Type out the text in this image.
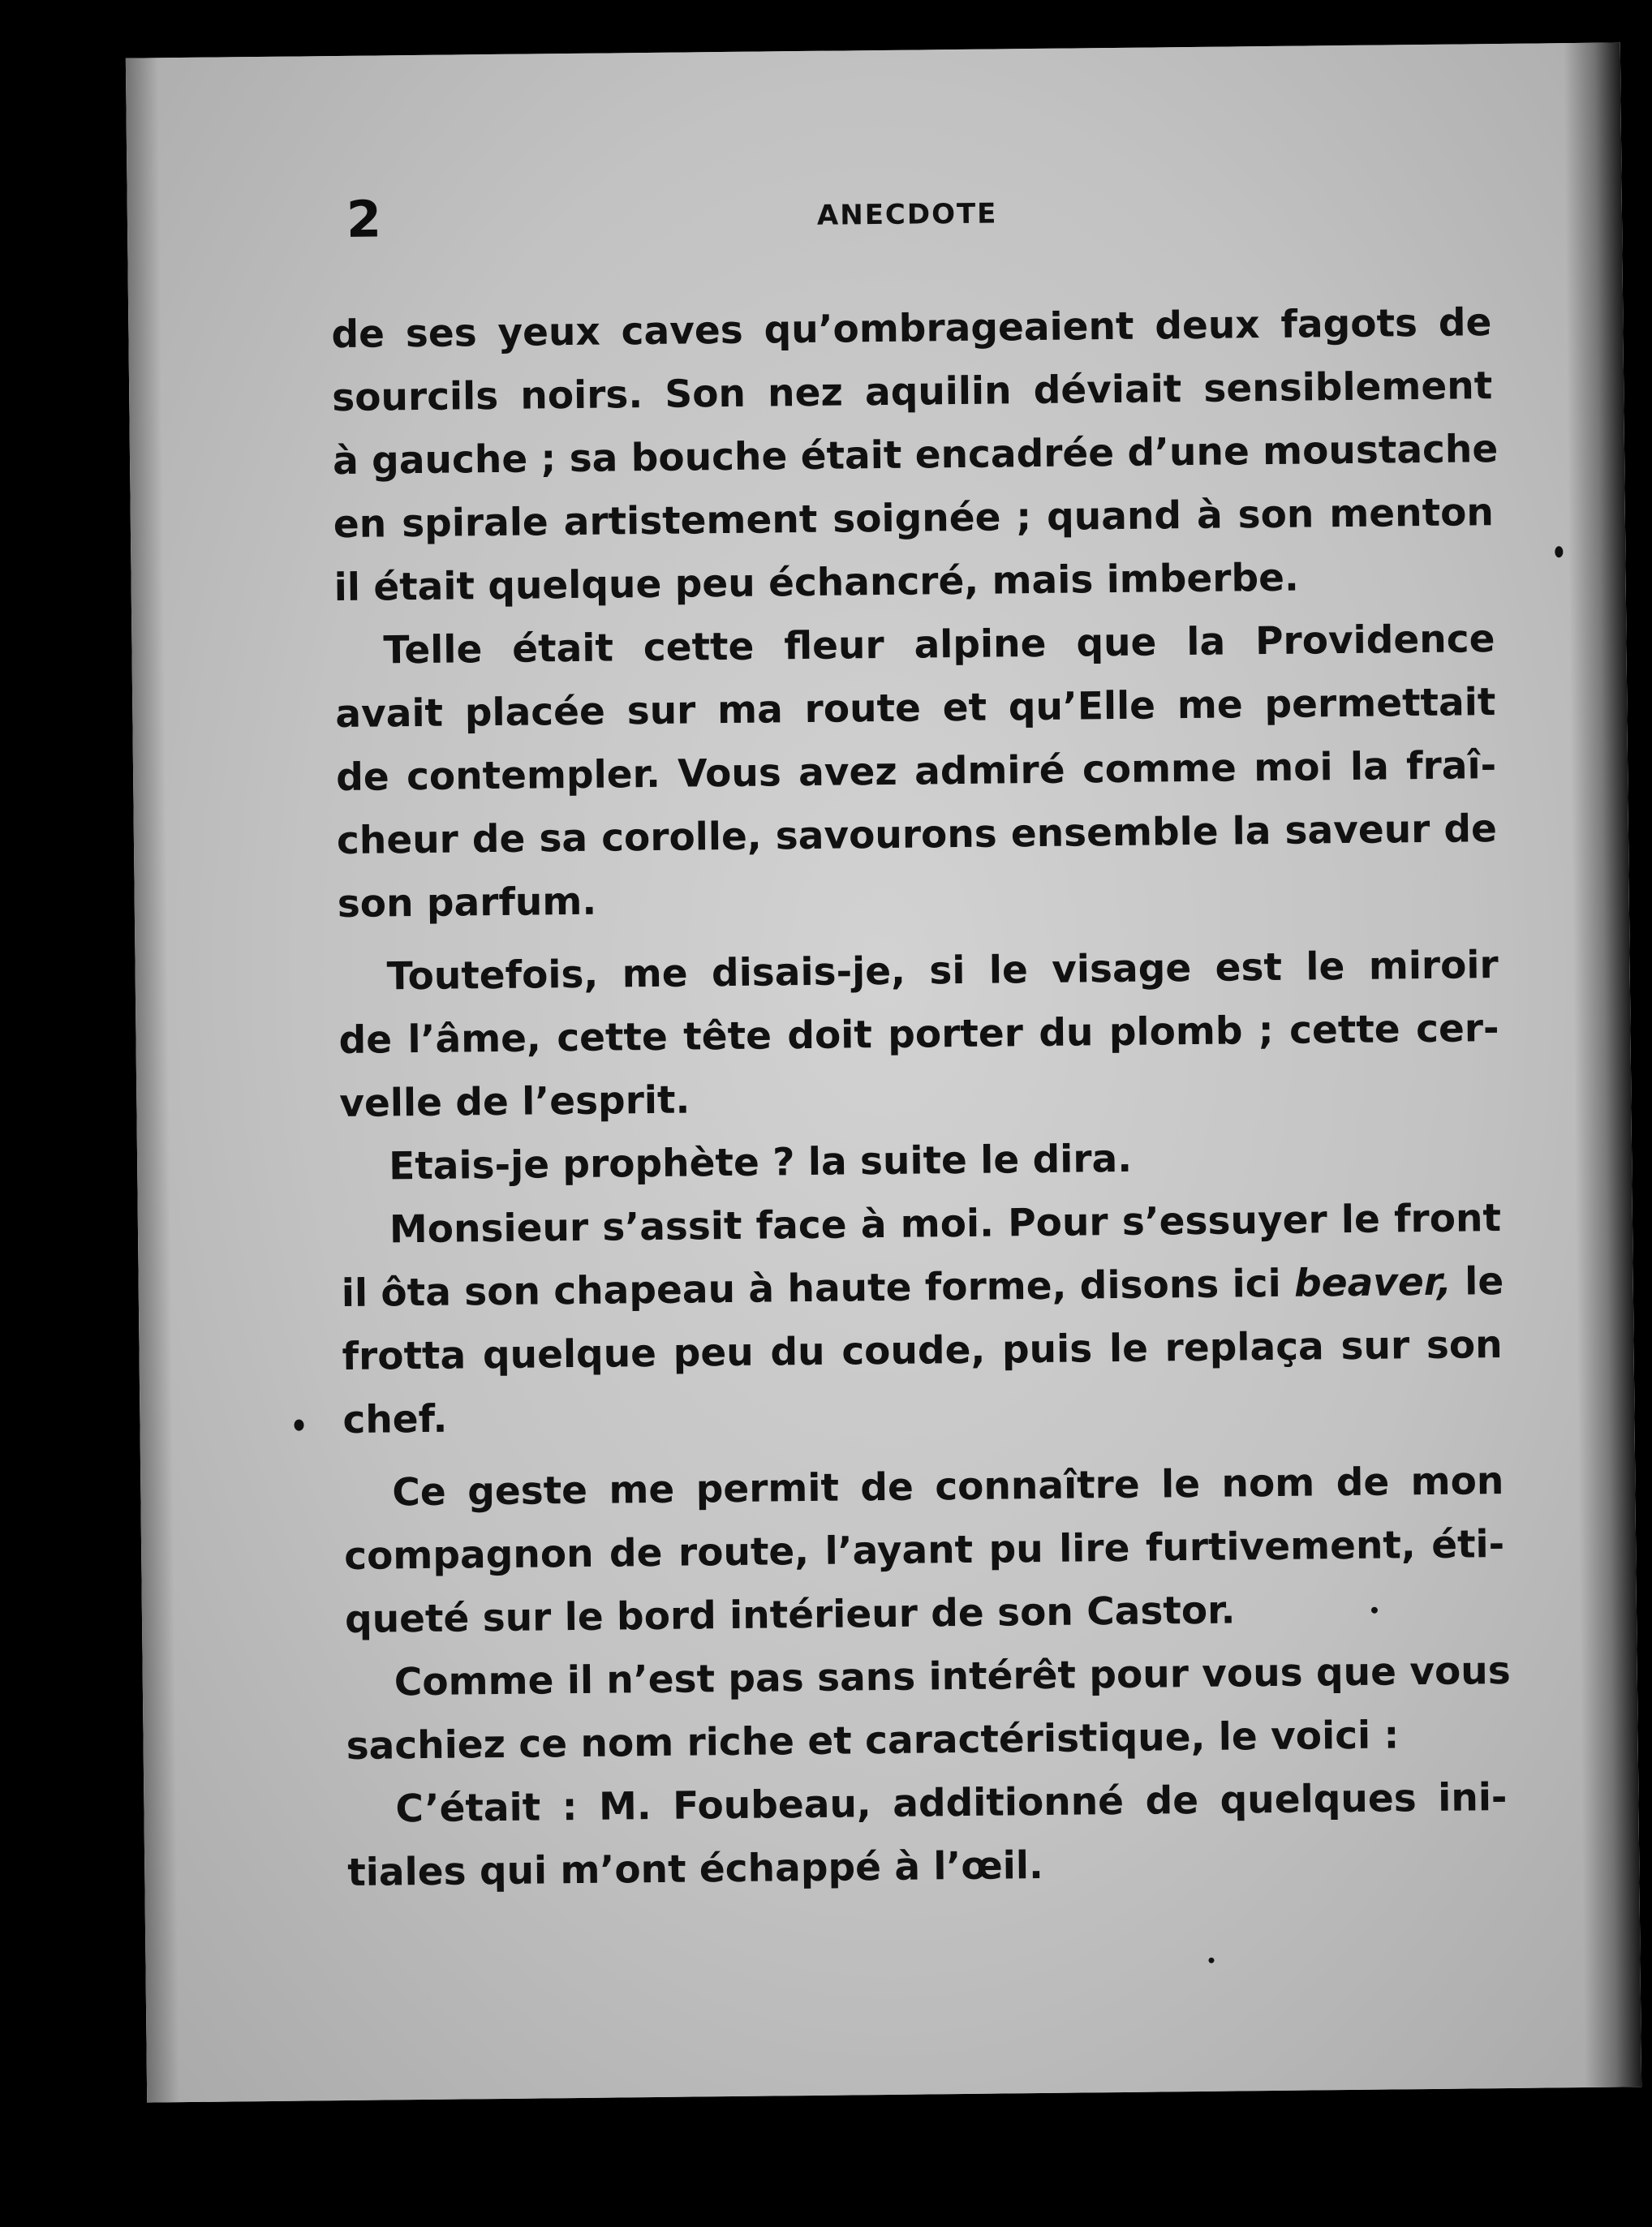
2	ANECDOTE
de ses yeux caves qu’ombrageaient deux fagots de
sourcils noirs. Son nez aquilin déviait sensiblement
à gauche ; sa bouche était encadrée d’une moustache
en spirale artistement soignée ; quand à son menton
il était quelque peu échancré, mais imberbe.
Telle était cette fleur alpine que la Providence
avait placée sur ma route et qu’Elle me permettait
de contempler. Vous avez admiré comme moi la fraî-
cheur de sa corolle, savourons ensemble la saveur de
son parfum.
Toutefois, me disais-je, si le visage est le miroir
de l’âme, cette tête doit porter du plomb ; cette cer-
velle de l’esprit.
Etais-je prophète ? la suite le dira.
Monsieur s’assit face à moi. Pour s’essuyer le front
il ôta son chapeau à haute forme, disons ici beaver, le
frotta quelque peu du coude, puis le replaça sur son
chef.
Ce geste me permit de connaître le nom de mon
compagnon de route, l’ayant pu lire furtivement, éti-
queté sur le bord intérieur de son Castor.
Comme il n’est pas sans intérêt pour vous que vous
sachiez ce nom riche et caractéristique, le voici :
C’était : M. Foubeau, additionné de quelques ini-
tiales qui m’ont échappé à l’œil.
